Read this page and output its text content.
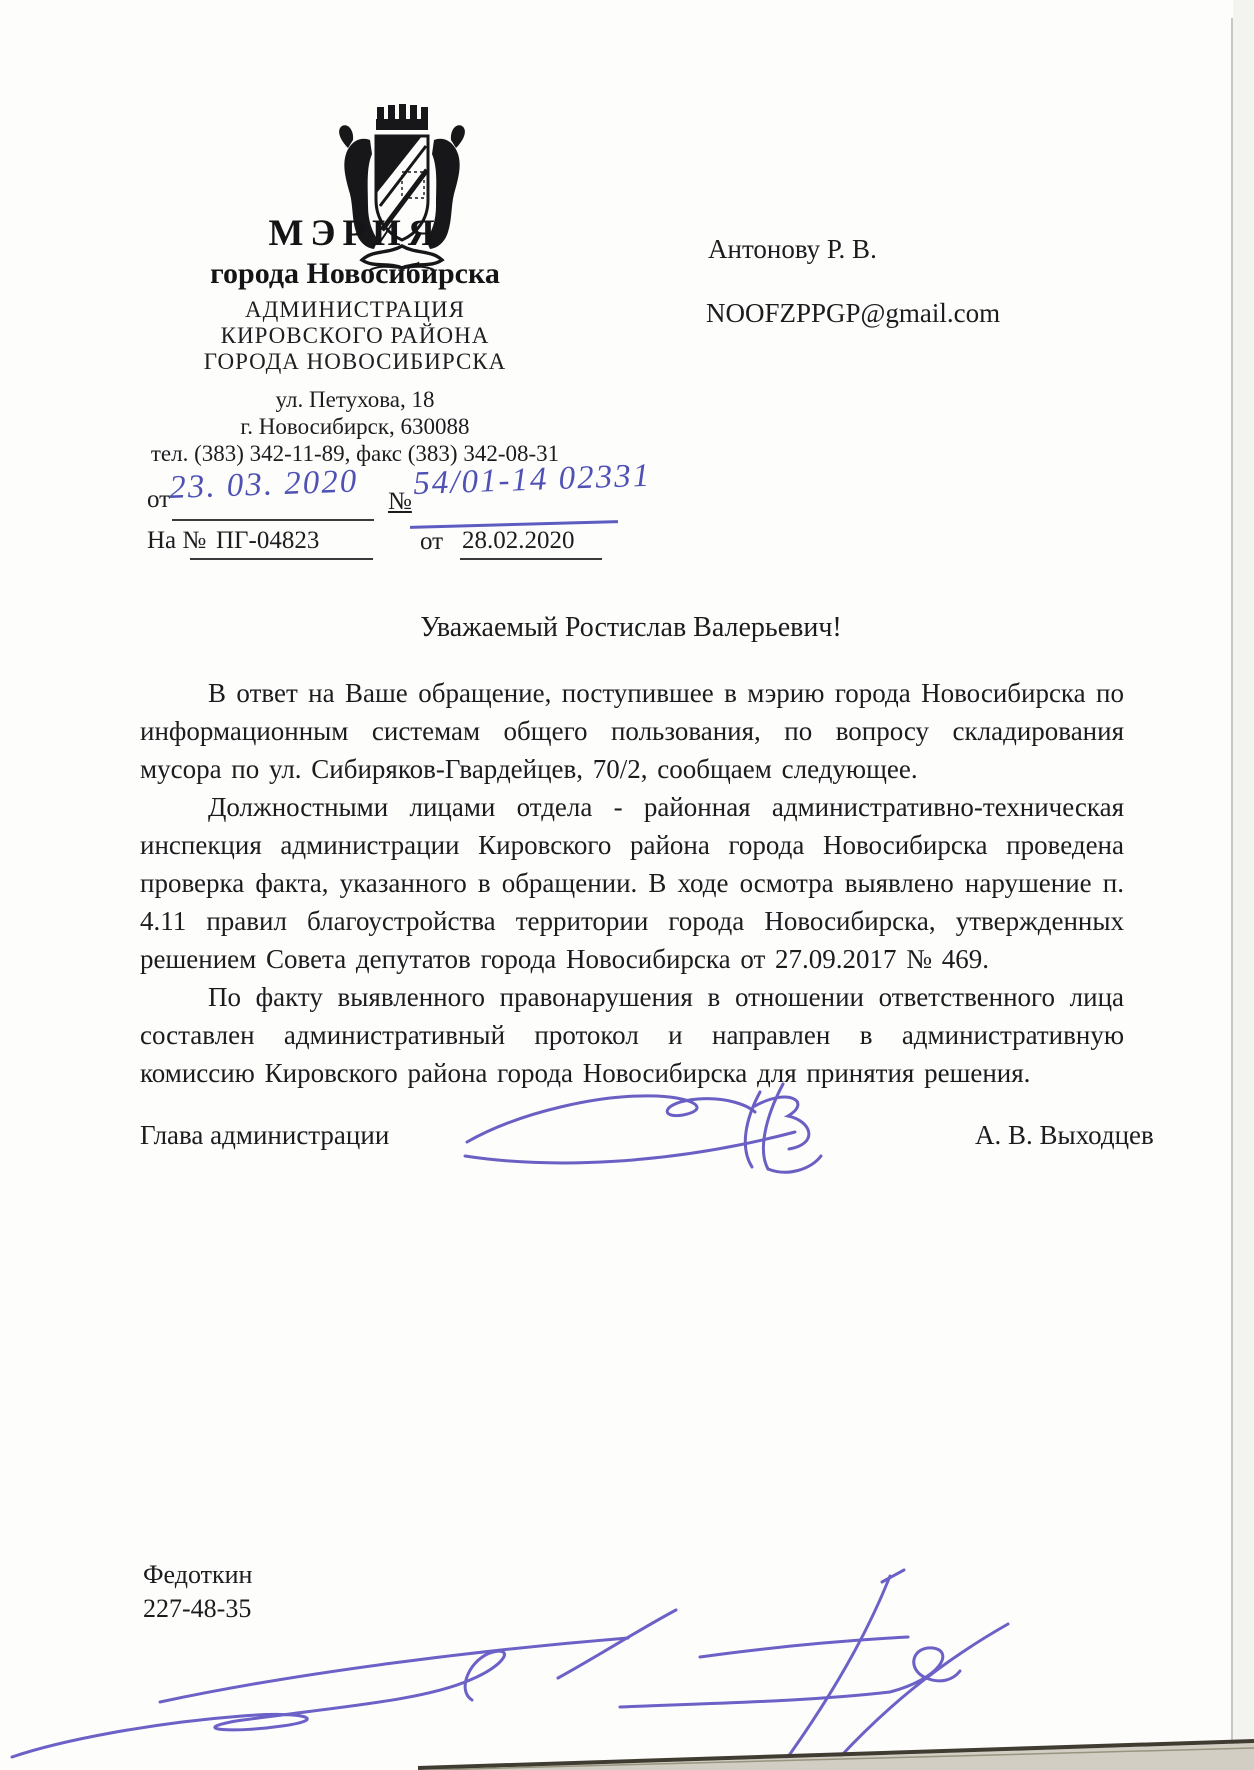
МЭРИЯ
города Новосибирска
АДМИНИСТРАЦИЯ
КИРОВСКОГО РАЙОНА
ГОРОДА НОВОСИБИРСКА
ул. Петухова, 18
г. Новосибирск, 630088
тел. (383) 342-11-89, факс (383) 342-08-31
от
23. 03. 2020 № 54/01-14 02331
На № ПГ-04823	от 28.02.2020
Антонову Р. В.
NOOFZPPGP@gmail.com
Уважаемый Ростислав Валерьевич!

В ответ на Ваше обращение, поступившее в мэрию города Новосибирска по информационным системам общего пользования, по вопросу складирования мусора по ул. Сибиряков-Гвардейцев, 70/2, сообщаем следующее.

Должностными лицами отдела - районная административно-техническая инспекция администрации Кировского района города Новосибирска проведена проверка факта, указанного в обращении. В ходе осмотра выявлено нарушение п. 4.11 правил благоустройства территории города Новосибирска, утвержденных решением Совета депутатов города Новосибирска от 27.09.2017 № 469.

По факту выявленного правонарушения в отношении ответственного лица составлен административный протокол и направлен в административную комиссию Кировского района города Новосибирска для принятия решения.

Глава администрации	А. В. Выходцев
Федоткин
227-48-35
